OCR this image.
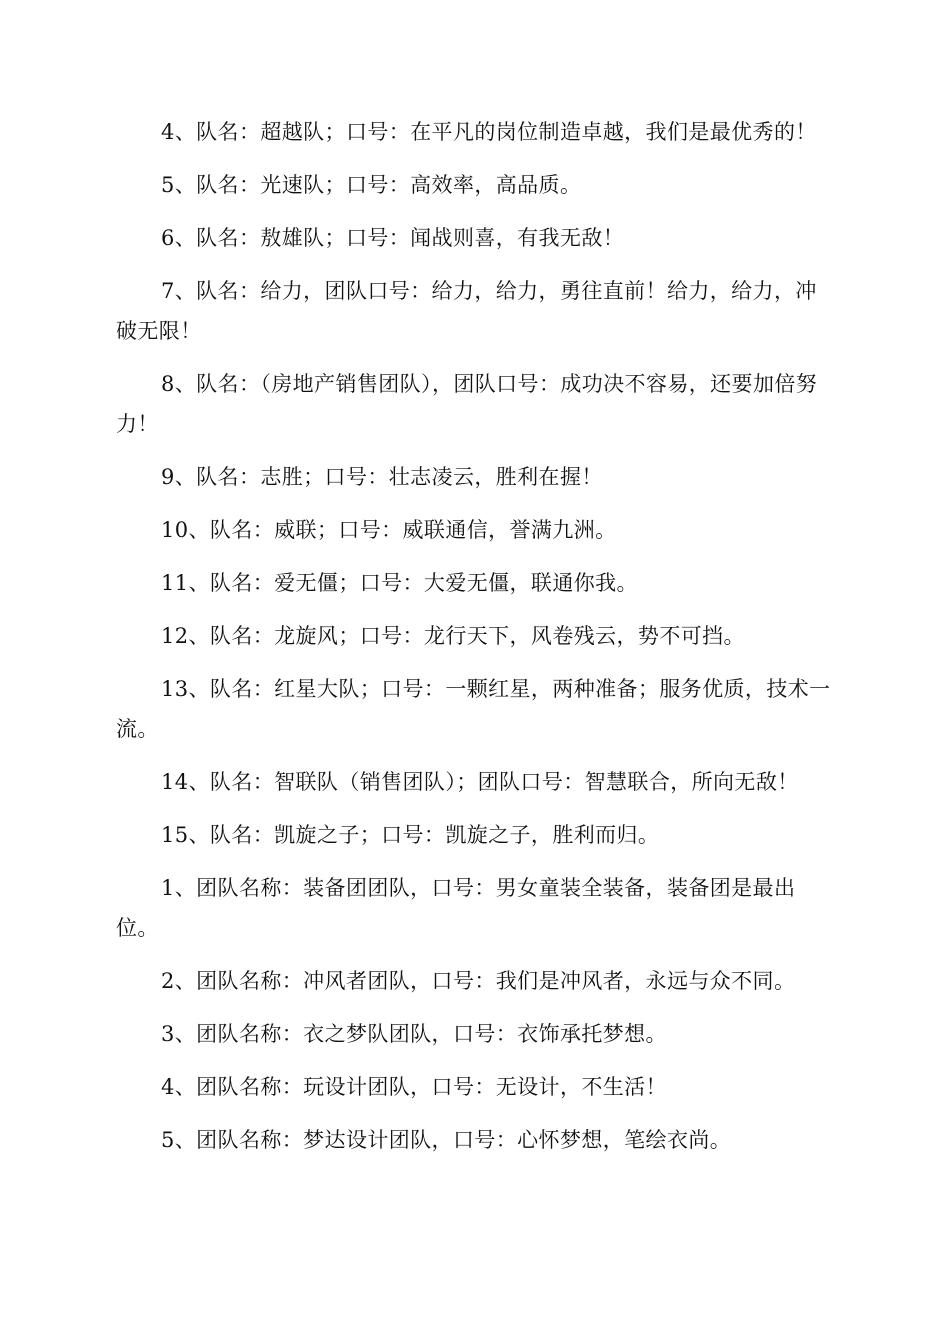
4、队名：超越队；口号：在平凡的岗位制造卓越，我们是最优秀的！

5、队名：光速队；口号：高效率，高品质。

6、队名：敖雄队；口号：闻战则喜，有我无敌！

7、队名：给力，团队口号：给力，给力，勇往直前！给力，给力，冲破无限！

8、队名：（房地产销售团队），团队口号：成功决不容易，还要加倍努力！

9、队名：志胜；口号：壮志凌云，胜利在握！

10、队名：威联；口号：威联通信，誉满九洲。

11、队名：爱无僵；口号：大爱无僵，联通你我。

12、队名：龙旋风；口号：龙行天下，风卷残云，势不可挡。

13、队名：红星大队；口号：一颗红星，两种准备；服务优质，技术一流。

14、队名：智联队（销售团队）；团队口号：智慧联合，所向无敌！

15、队名：凯旋之子；口号：凯旋之子，胜利而归。

1、团队名称：装备团团队，口号：男女童装全装备，装备团是最出位。

2、团队名称：冲风者团队，口号：我们是冲风者，永远与众不同。

3、团队名称：衣之梦队团队，口号：衣饰承托梦想。

4、团队名称：玩设计团队，口号：无设计，不生活！

5、团队名称：梦达设计团队，口号：心怀梦想，笔绘衣尚。
